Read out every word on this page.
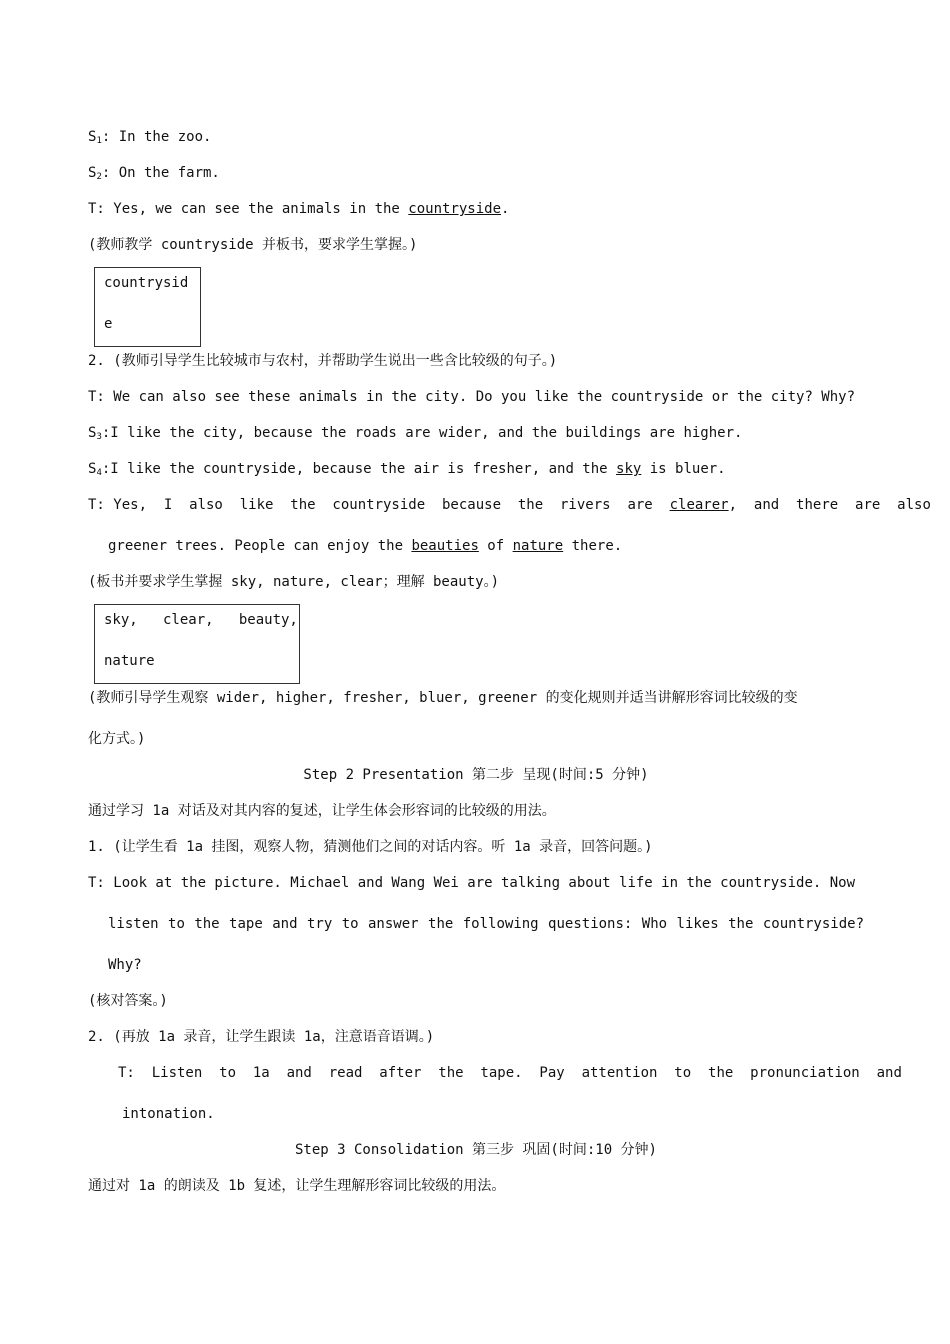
$S_1$: In the zoo.
$S_2$: On the farm.
T: Yes, we can see the animals in the countryside.
(教师教学 countryside 并板书，要求学生掌握。)
countrysid
e
2. (教师引导学生比较城市与农村，并帮助学生说出一些含比较级的句子。)
T: We can also see these animals in the city. Do you like the countryside or the city? Why?
$S_3:I$ like the city, because the roads are wider, and the buildings are higher.
$S_4:I$ like the countryside, because the air is fresher, and the sky is bluer.
T: Yes,  I  also  like  the  countryside  because  the  rivers  are  clearer,  and  there  are  also
greener trees. People can enjoy the beauties of nature there.
(板书并要求学生掌握 sky, nature, clear；理解 beauty。)
sky,   clear,   beauty,
nature
(教师引导学生观察 wider, higher, fresher, bluer, greener 的变化规则并适当讲解形容词比较级的变
化方式。)
Step 2 Presentation 第二步 呈现(时间:5 分钟)
通过学习 1a 对话及对其内容的复述，让学生体会形容词的比较级的用法。
1. (让学生看 1a 挂图，观察人物，猜测他们之间的对话内容。听 1a 录音，回答问题。)
T: Look at the picture. Michael and Wang Wei are talking about life in the countryside. Now
listen to the tape and try to answer the following questions: Who likes the countryside?
Why?
(核对答案。)
2. (再放 1a 录音，让学生跟读 1a，注意语音语调。)
T:  Listen  to  1a  and  read  after  the  tape.  Pay  attention  to  the  pronunciation  and
intonation.
Step 3 Consolidation 第三步 巩固(时间:10 分钟)
通过对 1a 的朗读及 1b 复述，让学生理解形容词比较级的用法。
